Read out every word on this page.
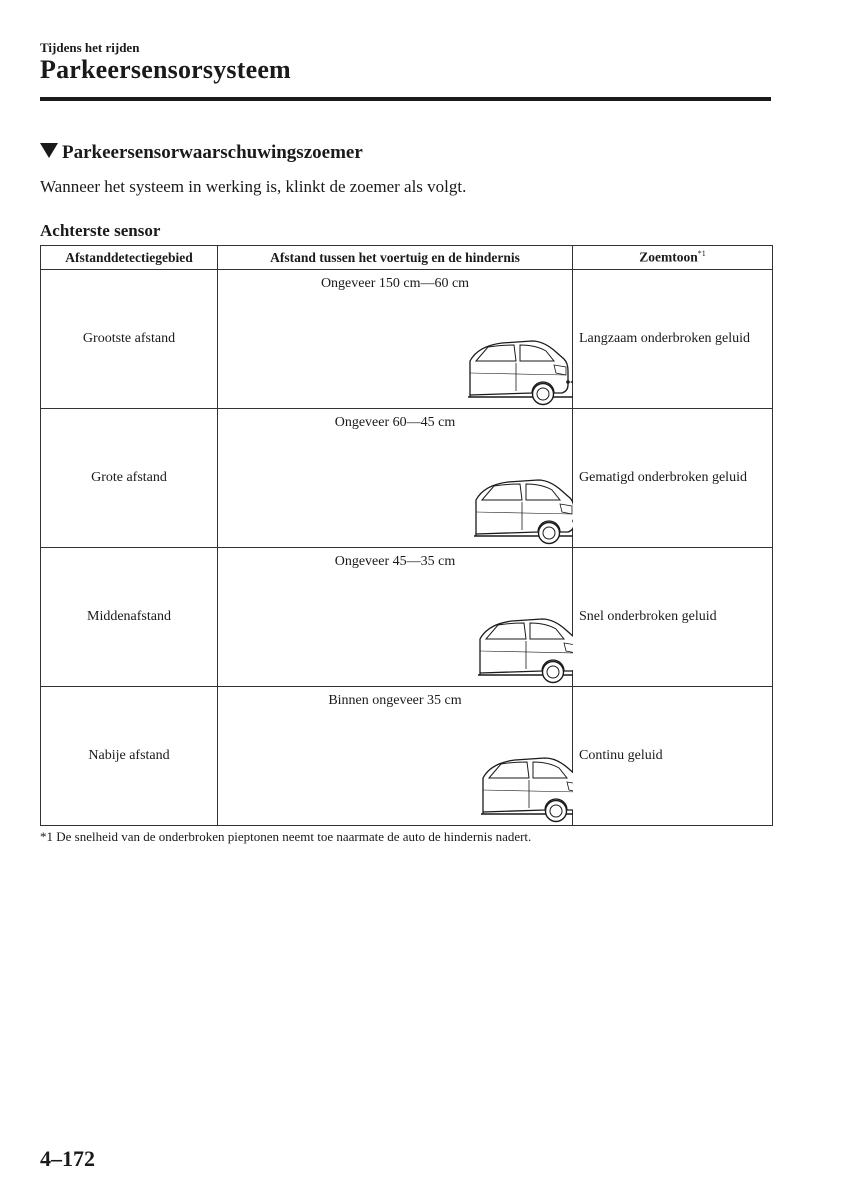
Tijdens het rijden
Parkeersensorsysteem
Parkeersensorwaarschuwingszoemer
Wanneer het systeem in werking is, klinkt de zoemer als volgt.
Achterste sensor
Afstanddetectiegebied	Afstand tussen het voertuig en de hindernis	Zoemtoon$^{*1}$
Grootste afstand	Ongeveer 150 cm—60 cm	Langzaam onderbroken geluid
Grote afstand	Ongeveer 60—45 cm	Gematigd onderbroken geluid
Middenafstand	Ongeveer 45—35 cm	Snel onderbroken geluid
Nabije afstand	Binnen ongeveer 35 cm	Continu geluid
*1 De snelheid van de onderbroken pieptonen neemt toe naarmate de auto de hindernis nadert.
4–172
